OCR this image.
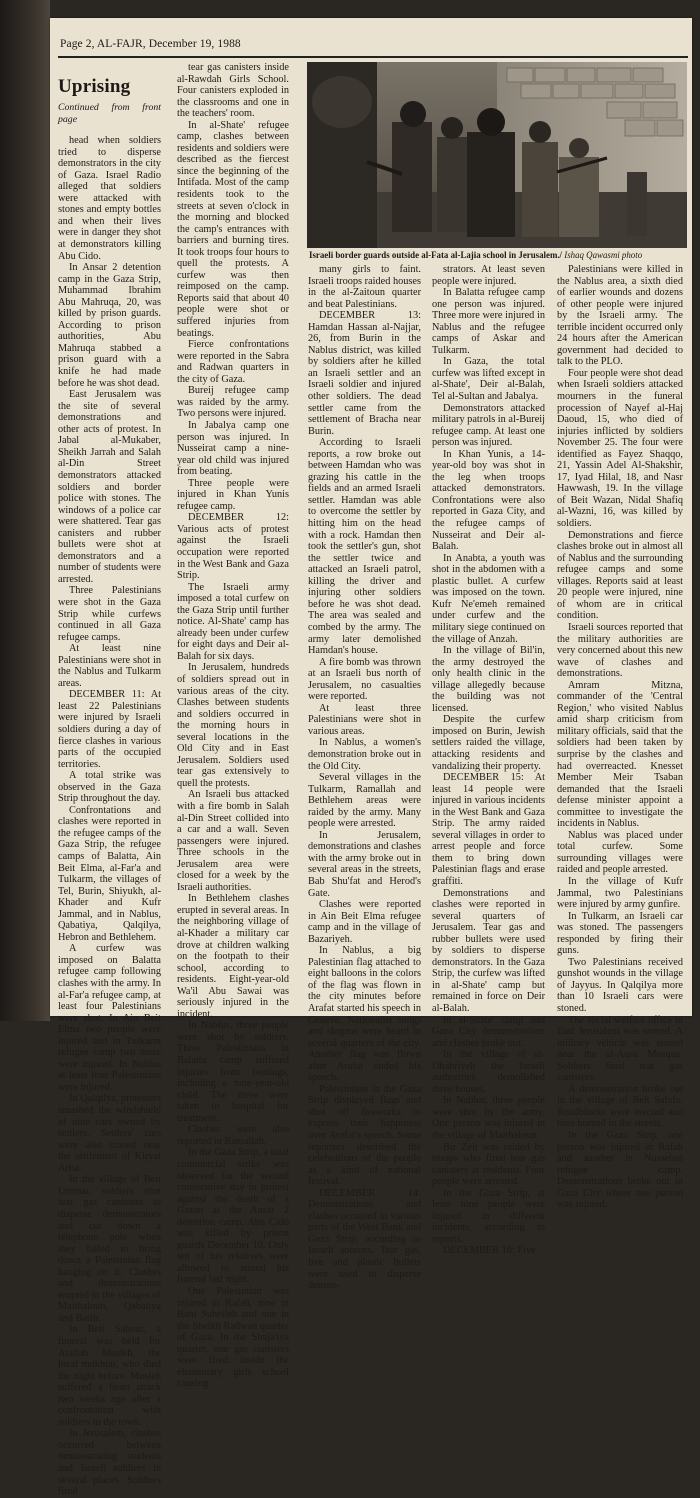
Page 2, AL-FAJR, December 19, 1988
Uprising
Continued from front page

head when soldiers tried to disperse demonstrators in the city of Gaza. Israel Radio alleged that soldiers were attacked with stones and empty bottles and when their lives were in danger they shot at demonstrators killing Abu Cido.

In Ansar 2 detention camp in the Gaza Strip, Muhammad Ibrahim Abu Mahruqa, 20, was killed by prison guards. According to prison authorities, Abu Mahruqa stabbed a prison guard with a knife he had made before he was shot dead.

East Jerusalem was the site of several demonstrations and other acts of protest. In Jabal al-Mukaber, Sheikh Jarrah and Salah al-Din Street demonstrators attacked soldiers and border police with stones. The windows of a police car were shattered. Tear gas canisters and rubber bullets were shot at demonstrators and a number of students were arrested.

Three Palestinians were shot in the Gaza Strip while curfews continued in all Gaza refugee camps.

At least nine Palestinians were shot in the Nablus and Tulkarm areas.

DECEMBER 11: At least 22 Palestinians were injured by Israeli soldiers during a day of fierce clashes in various parts of the occupied territories.

A total strike was observed in the Gaza Strip throughout the day.

Confrontations and clashes were reported in the refugee camps of the Gaza Strip, the refugee camps of Balatta, Ain Beit Elma, al-Far'a and Tulkarm, the villages of Tel, Burin, Shiyukh, al-Khader and Kufr Jammal, and in Nablus, Qabatiya, Qalqilya, Hebron and Bethlehem.

A curfew was imposed on Balatta refugee camp following clashes with the army. In al-Far'a refugee camp, at least four Palestinians were shot. In Ain Beit Elma two people were injured and in Tulkarm refugee camp two more were injured. In Nablus at least four Palestinians were injured.

In Qalqilya, protesters smashed the windshield of nine cars owned by settlers. Settlers' cars were also stoned near the settlement of Kiryat Arba.

In the village of Beit Ummar, soldiers shot tear gas canisters to disperse demonstrators and cut down a telephone pole when they failed to bring down a Palestinian flag hanging on it. Clashes and demonstrations erupted in the villages of Maithaloun, Qabatiya and Battir.

In Beit Sahour, a funeral was held for Atallah Musleh, the local mukhtar, who died the night before. Musleh suffered a heart attack two weeks ago after a confrontation with soldiers in the town.

In Jerusalem, clashes occurred between demonstrating students and Israeli soldiers in several places. Soldiers fired

tear gas canisters inside al-Rawdah Girls School. Four canisters exploded in the classrooms and one in the teachers' room.

In al-Shate' refugee camp, clashes between residents and soldiers were described as the fiercest since the beginning of the Intifada. Most of the camp residents took to the streets at seven o'clock in the morning and blocked the camp's entrances with barriers and burning tires. It took troops four hours to quell the protests. A curfew was then reimposed on the camp. Reports said that about 40 people were shot or suffered injuries from beatings.

Fierce confrontations were reported in the Sabra and Radwan quarters in the city of Gaza.

Bureij refugee camp was raided by the army. Two persons were injured.

In Jabalya camp one person was injured. In Nusseirat camp a nine-year old child was injured from beating.

Three people were injured in Khan Yunis refugee camp.

DECEMBER 12: Various acts of protest against the Israeli occupation were reported in the West Bank and Gaza Strip.

The Israeli army imposed a total curfew on the Gaza Strip until further notice. Al-Shate' camp has already been under curfew for eight days and Deir al-Balah for six days.

In Jerusalem, hundreds of soldiers spread out in various areas of the city. Clashes between students and soldiers occurred in the morning hours in several locations in the Old City and in East Jerusalem. Soldiers used tear gas extensively to quell the protests.

An Israeli bus attacked with a fire bomb in Salah al-Din Street collided into a car and a wall. Seven passengers were injured. Three schools in the Jerusalem area were closed for a week by the Israeli authorities.

In Bethlehem clashes erupted in several areas. In the neighboring village of al-Khader a military car drove at children walking on the footpath to their school, according to residents. Eight-year-old Wa'il Abu Sawai was seriously injured in the incident.

In Nablus, three people were shot by soldiers. Three Palestinians in Balatta camp suffered injuries from beatings, including a nine-year-old child. The three were taken to hospital for treatment.

Clashes were also reported in Ramallah.

In the Gaza Strip, a total commercial strike was observed for the second consecutive day in protest against the death of a Gazan at the Ansar 2 detention camp. Abu Cido was killed by prison guards December 10. Only ten of his relatives were allowed to attend his funeral last night.

One Palestinian was injured in Rafah, nine in Bani Suheileh and one in the Sheikh Radwan quarter of Gaza. In the Shaja'iya quarter, tear gas canisters were fired inside the elementary girls school causing

Israeli border guards outside al-Fata al-Lajia school in Jerusalem./ Ishaq Qawasmi photo

many girls to faint. Israeli troops raided houses in the al-Zaitoun quarter and beat Palestinians.

DECEMBER 13: Hamdan Hassan al-Najjar, 26, from Burin in the Nablus district, was killed by soldiers after he killed an Israeli settler and an Israeli soldier and injured other soldiers. The dead settler came from the settlement of Bracha near Burin.

According to Israeli reports, a row broke out between Hamdan who was grazing his cattle in the fields and an armed Israeli settler. Hamdan was able to overcome the settler by hitting him on the head with a rock. Hamdan then took the settler's gun, shot the settler twice and attacked an Israeli patrol, killing the driver and injuring other soldiers before he was shot dead. The area was sealed and combed by the army. The army later demolished Hamdan's house.

A fire bomb was thrown at an Israeli bus north of Jerusalem, no casualties were reported.

At least three Palestinians were shot in various areas.

In Nablus, a women's demonstration broke out in the Old City.

Several villages in the Tulkarm, Ramallah and Bethlehem areas were raided by the army. Many people were arrested.

In Jerusalem, demonstrations and clashes with the army broke out in several areas in the streets, Bab Shu'fat and Herod's Gate.

Clashes were reported in Ain Beit Elma refugee camp and in the village of Bazariyeh.

In Nablus, a big Palestinian flag attached to eight balloons in the colors of the flag was flown in the city minutes before Arafat started his speech in Geneva. Nationalist songs and slogans were heard in several quarters of the city. Another flag was flown after Arafat ended his speech.

Palestinians in the Gaza Strip displayed flags and shot off fireworks to express their happiness over Arafat's speech. Some reporters described the celebrations of the people as a kind of national festival.

DECEMBER 14: Demonstrations and clashes occurred in various parts of the West Bank and Gaza Strip, according to Israeli sources. Tear gas, live and plastic bullets were used to disperse demon-

strators. At least seven people were injured.

In Balatta refugee camp one person was injured. Three more were injured in Nablus and the refugee camps of Askar and Tulkarm.

In Gaza, the total curfew was lifted except in al-Shate', Deir al-Balah, Tel al-Sultan and Jabalya.

Demonstrators attacked military patrols in al-Bureij refugee camp. At least one person was injured.

In Khan Yunis, a 14-year-old boy was shot in the leg when troops attacked demonstrators. Confrontations were also reported in Gaza City, and the refugee camps of Nusseirat and Deir al-Balah.

In Anabta, a youth was shot in the abdomen with a plastic bullet. A curfew was imposed on the town. Kufr Ne'emeh remained under curfew and the military siege continued on the village of Anzah.

In the village of Bil'in, the army destroyed the only health clinic in the village allegedly because the building was not licensed.

Despite the curfew imposed on Burin, Jewish settlers raided the village, attacking residents and vandalizing their property.

DECEMBER 15: At least 14 people were injured in various incidents in the West Bank and Gaza Strip. The army raided several villages in order to arrest people and force them to bring down Palestinian flags and erase graffiti.

Demonstrations and clashes were reported in several quarters of Jerusalem. Tear gas and rubber bullets were used by soldiers to disperse demonstrators. In the Gaza Strip, the curfew was lifted in al-Shate' camp but remained in force on Deir al-Balah.

In al-Shate' camp and Gaza City demonstrations and clashes broke out.

In the village of al-Dhahriyeh the Israeli authorities demolished three houses.

In Nablus, three people were shot by the army. One person was injured in the village of Maithaloun.

Bir Zeit was raided by troops who fired tear gas canisters at residents. Four people were arrested.

In the Gaza Strip, at least nine people were injured in different incidents, according to reports.

DECEMBER 16: Five

Palestinians were killed in the Nablus area, a sixth died of earlier wounds and dozens of other people were injured by the Israeli army. The terrible incident occurred only 24 hours after the American government had decided to talk to the PLO.

Four people were shot dead when Israeli soldiers attacked mourners in the funeral procession of Nayef al-Haj Daoud, 15, who died of injuries inflicted by soldiers November 25. The four were identified as Fayez Shaqqo, 21, Yassin Adel Al-Shakshir, 17, Iyad Hilal, 18, and Nasr Hawwash, 19. In the village of Beit Wazan, Nidal Shafiq al-Wazni, 16, was killed by soldiers.

Demonstrations and fierce clashes broke out in almost all of Nablus and the surrounding refugee camps and some villages. Reports said at least 20 people were injured, nine of whom are in critical condition.

Israeli sources reported that the military authorities are very concerned about this new wave of clashes and demonstrations.

Amram Mitzna, commander of the 'Central Region,' who visited Nablus amid sharp criticism from military officials, said that the soldiers had been taken by surprise by the clashes and had overreacted. Knesset Member Meir Tsaban demanded that the Israeli defense minister appoint a committee to investigate the incidents in Nablus.

Nablus was placed under total curfew. Some surrounding villages were raided and people arrested.

In the village of Kufr Jammal, two Palestinians were injured by army gunfire.

In Tulkarm, an Israeli car was stoned. The passengers responded by firing their guns.

Two Palestinians received gunshot wounds in the village of Jayyus. In Qalqilya more than 10 Israeli cars were stoned.

The social welfare office in East Jerusalem was stoned. A military vehicle was stoned near the al-Aqsa Mosque. Soldiers fired tear gas canisters.

A demonstration broke out in the village of Beit Safafa. Roadblocks were erected and tires burned in the streets.

In the Gaza Strip, one person was injured in Rafah and another in Nusseirat refugee camp. Demonstrations broke out in Gaza City where one person was injured.
